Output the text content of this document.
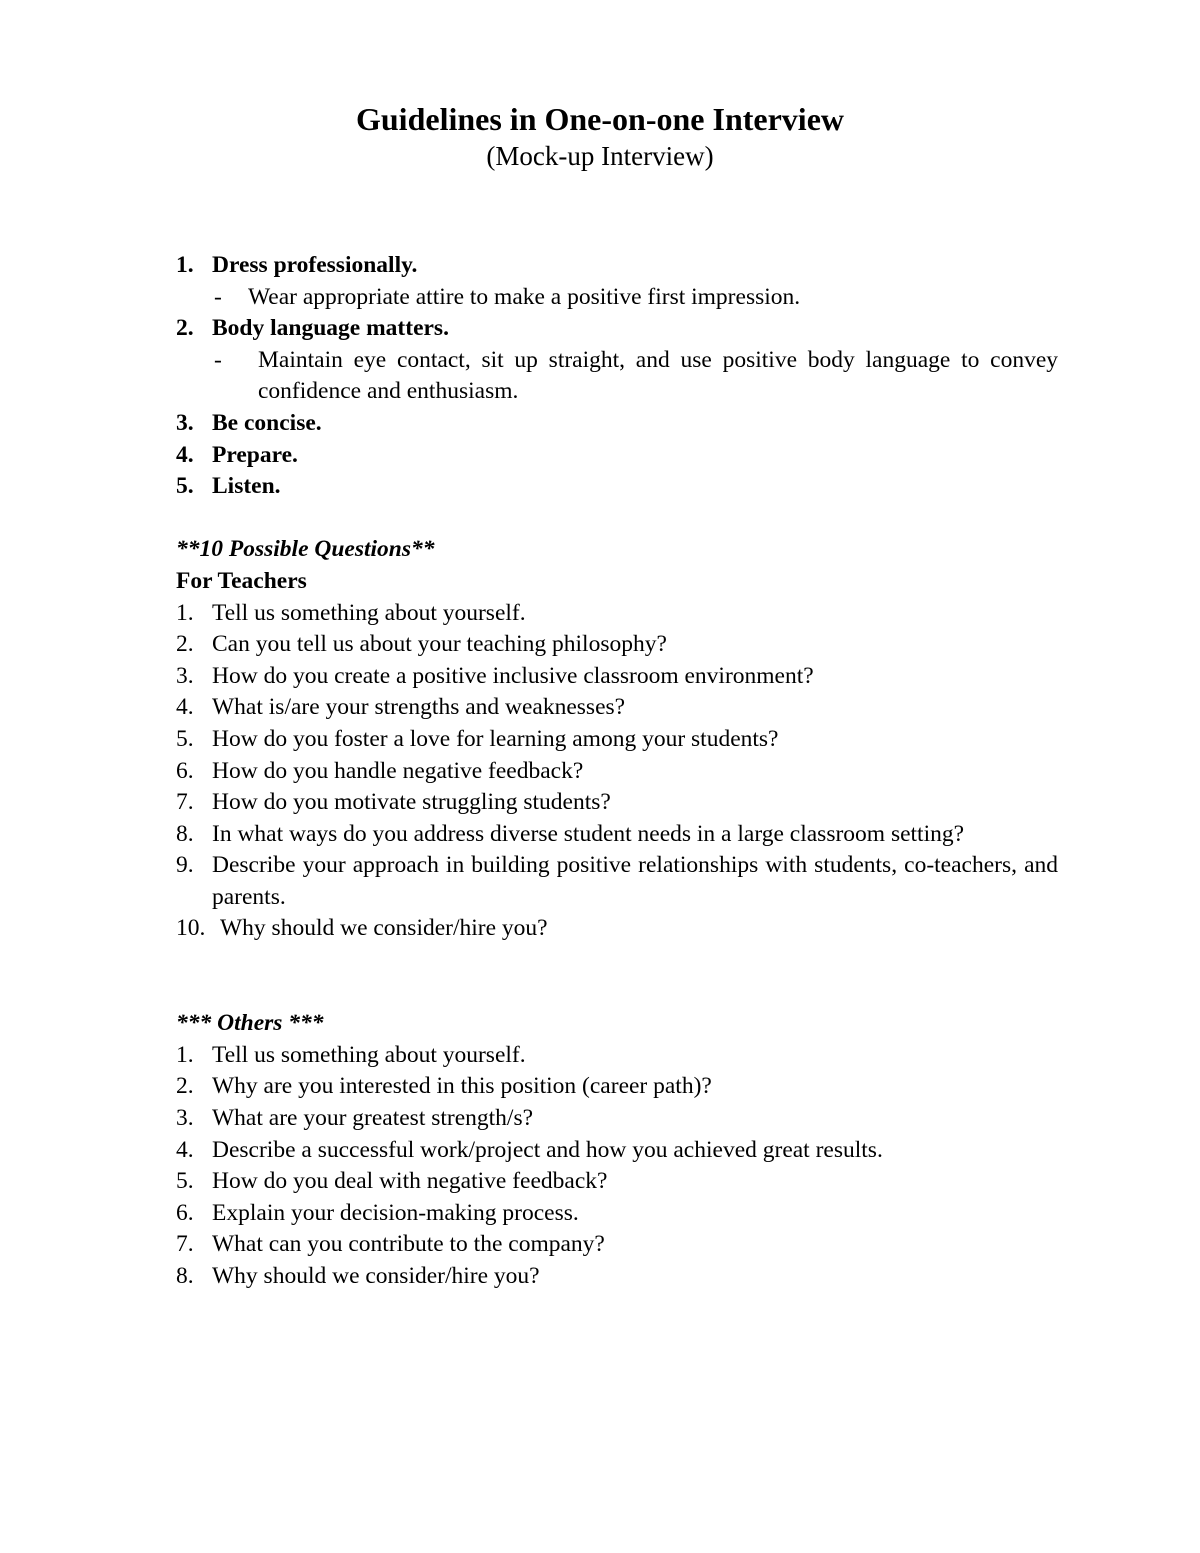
Guidelines in One-on-one Interview
(Mock-up Interview)
1. Dress professionally.
-	Wear appropriate attire to make a positive first impression.
2. Body language matters.
-	Maintain eye contact, sit up straight, and use positive body language to convey confidence and enthusiasm.
3. Be concise.
4. Prepare.
5. Listen.
**10 Possible Questions**
For Teachers
1. Tell us something about yourself.
2. Can you tell us about your teaching philosophy?
3. How do you create a positive inclusive classroom environment?
4. What is/are your strengths and weaknesses?
5. How do you foster a love for learning among your students?
6. How do you handle negative feedback?
7. How do you motivate struggling students?
8. In what ways do you address diverse student needs in a large classroom setting?
9. Describe your approach in building positive relationships with students, co-teachers, and parents.
10. Why should we consider/hire you?
*** Others ***
1. Tell us something about yourself.
2. Why are you interested in this position (career path)?
3. What are your greatest strength/s?
4. Describe a successful work/project and how you achieved great results.
5. How do you deal with negative feedback?
6. Explain your decision-making process.
7. What can you contribute to the company?
8. Why should we consider/hire you?
